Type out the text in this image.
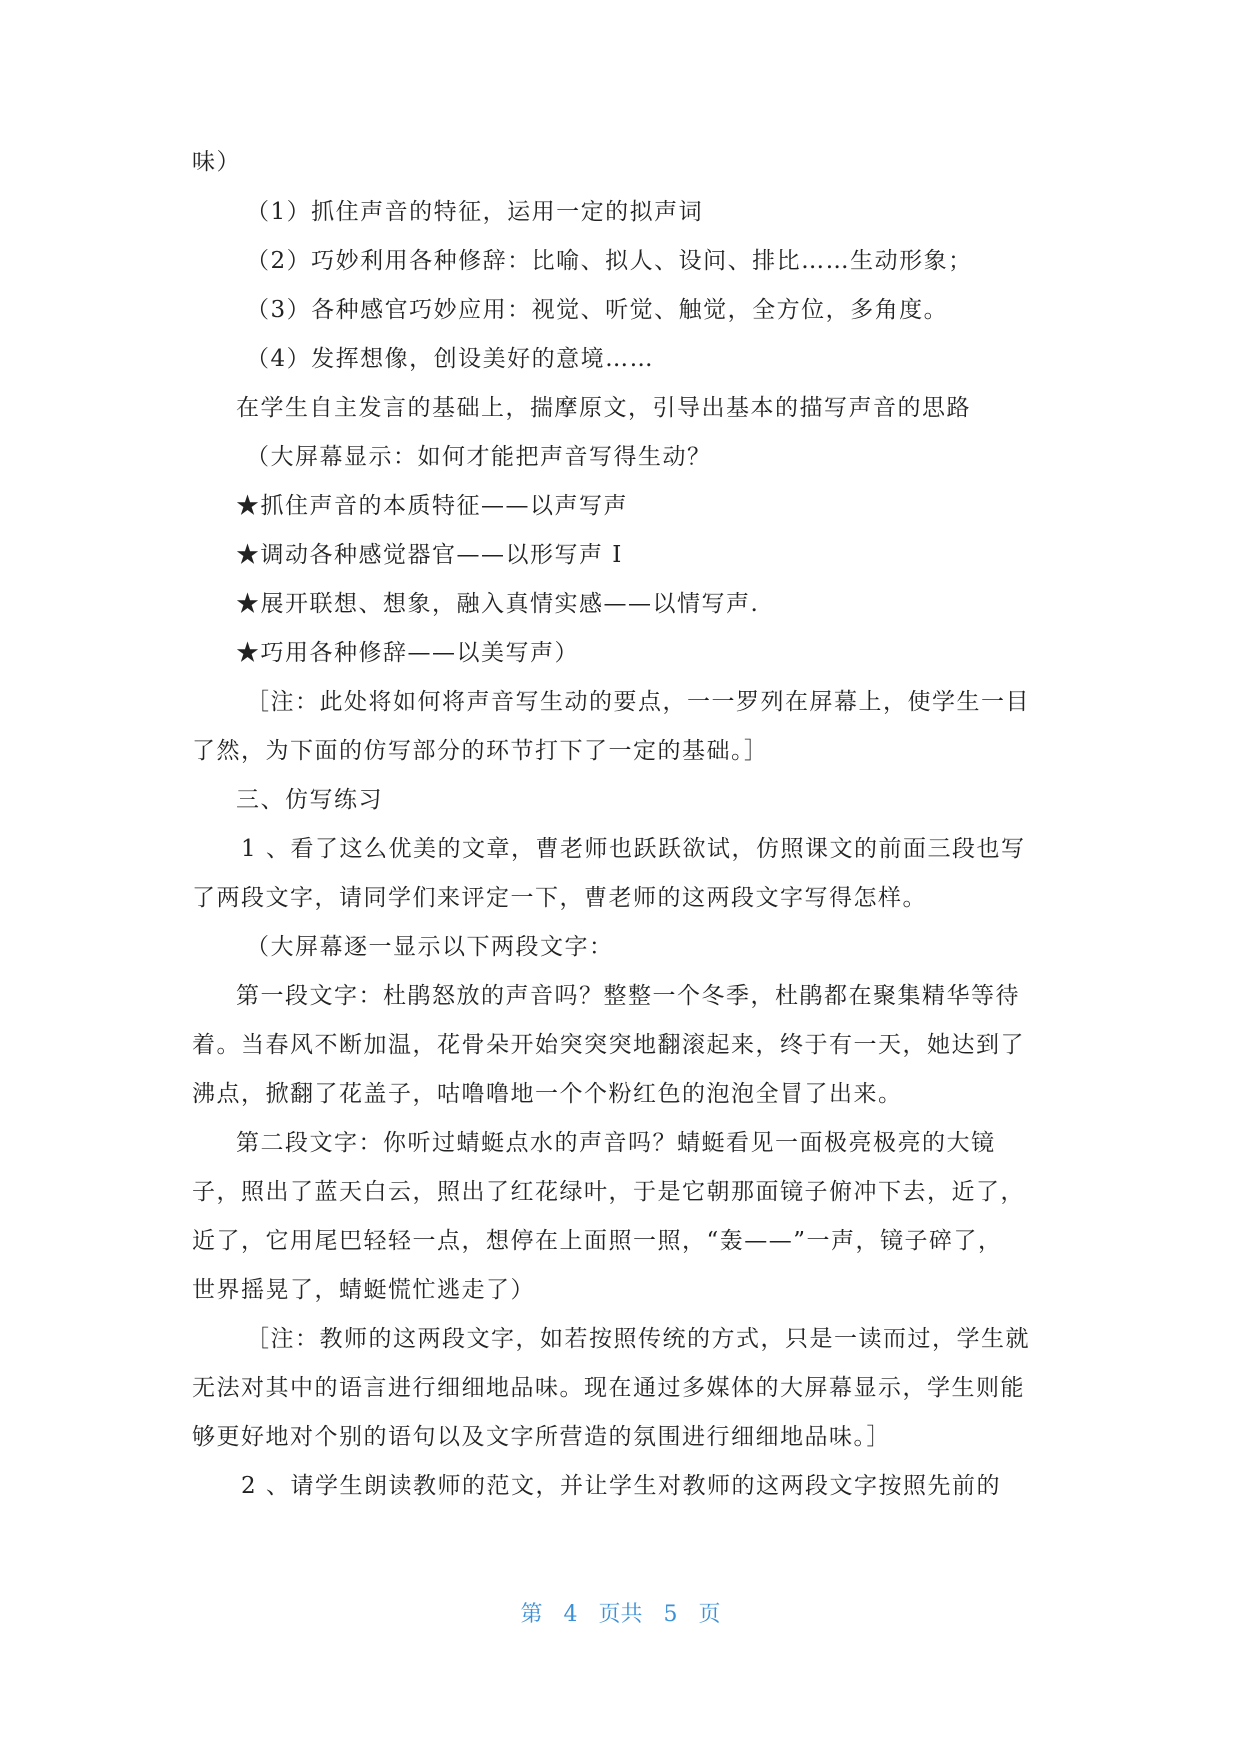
味）
（1）抓住声音的特征，运用一定的拟声词
（2）巧妙利用各种修辞：比喻、拟人、设问、排比……生动形象；
（3）各种感官巧妙应用：视觉、听觉、触觉，全方位，多角度。
（4）发挥想像，创设美好的意境……
在学生自主发言的基础上，揣摩原文，引导出基本的描写声音的思路
（大屏幕显示：如何才能把声音写得生动？
★抓住声音的本质特征——以声写声
★调动各种感觉器官——以形写声 I
★展开联想、想象，融入真情实感——以情写声.
★巧用各种修辞——以美写声）
［注：此处将如何将声音写生动的要点，一一罗列在屏幕上，使学生一目
了然，为下面的仿写部分的环节打下了一定的基础。］
三、仿写练习
1 、看了这么优美的文章，曹老师也跃跃欲试，仿照课文的前面三段也写
了两段文字，请同学们来评定一下，曹老师的这两段文字写得怎样。
（大屏幕逐一显示以下两段文字：
第一段文字：杜鹃怒放的声音吗？整整一个冬季，杜鹃都在聚集精华等待
着。当春风不断加温，花骨朵开始突突突地翻滚起来，终于有一天，她达到了
沸点，掀翻了花盖子，咕噜噜地一个个粉红色的泡泡全冒了出来。
第二段文字：你听过蜻蜓点水的声音吗？蜻蜓看见一面极亮极亮的大镜
子，照出了蓝天白云，照出了红花绿叶，于是它朝那面镜子俯冲下去，近了，
近了，它用尾巴轻轻一点，想停在上面照一照，“轰——”一声，镜子碎了，
世界摇晃了，蜻蜓慌忙逃走了）
［注：教师的这两段文字，如若按照传统的方式，只是一读而过，学生就
无法对其中的语言进行细细地品味。现在通过多媒体的大屏幕显示，学生则能
够更好地对个别的语句以及文字所营造的氛围进行细细地品味。］
2 、请学生朗读教师的范文，并让学生对教师的这两段文字按照先前的
第 4 页共 5 页
